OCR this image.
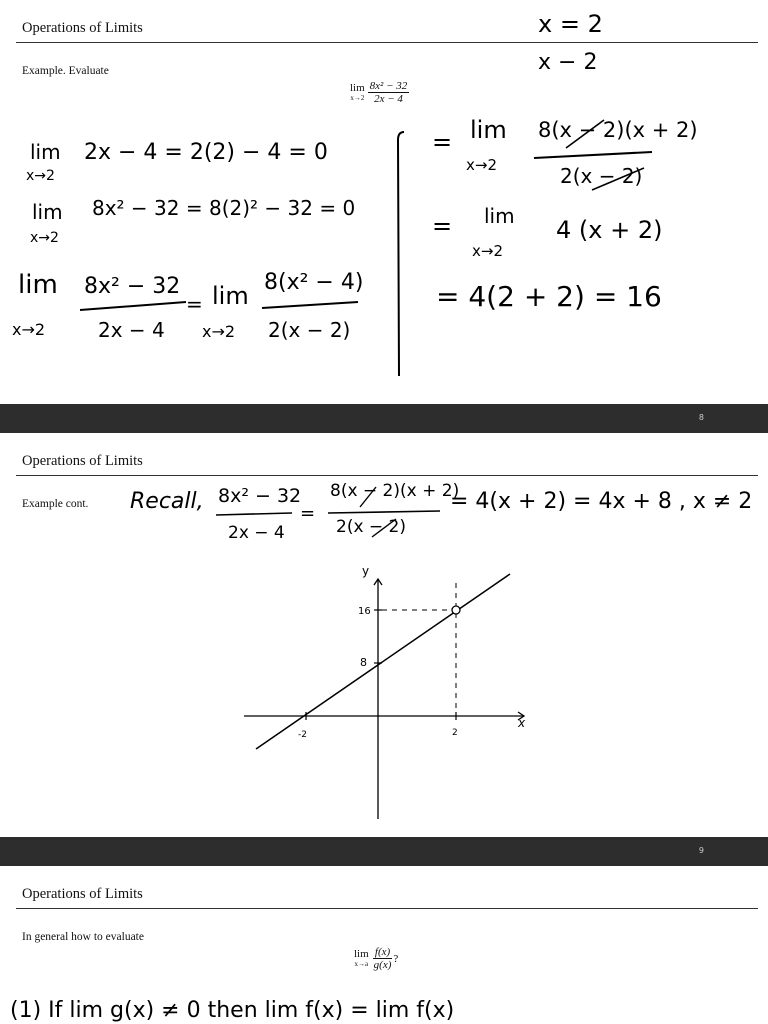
Operations of Limits
Example. Evaluate
lim
$x\to 2 \frac{\text{8x² − 32}}{2x - 4}$
x = 2
x − 2
lim
x→2
2x − 4 = 2(2) − 4 = 0
lim
x→2
8x² − 32 = 8(2)² − 32 = 0
lim
x→2
8x² − 32
2x − 4
= lim
x→2
8(x² − 4)
2(x − 2)
= lim
x→2
8(x − 2)(x + 2)
2(x − 2)
= lim
x→2
4 (x + 2)
= 4(2 + 2) = 16
8
Operations of Limits
Example cont. Recall, 8x² − 32
2x − 4
=
8(x − 2)(x + 2)
2(x − 2)
= 4(x + 2) = 4x + 8 , x ≠ 2
y
x
16
8
-2	2
9
Operations of Limits
In general how to evaluate
lim
$x\to a \frac{f(x)}{g(x)}$ ?
(1) If lim g(x) ≠ 0 then lim f(x) = lim f(x)
